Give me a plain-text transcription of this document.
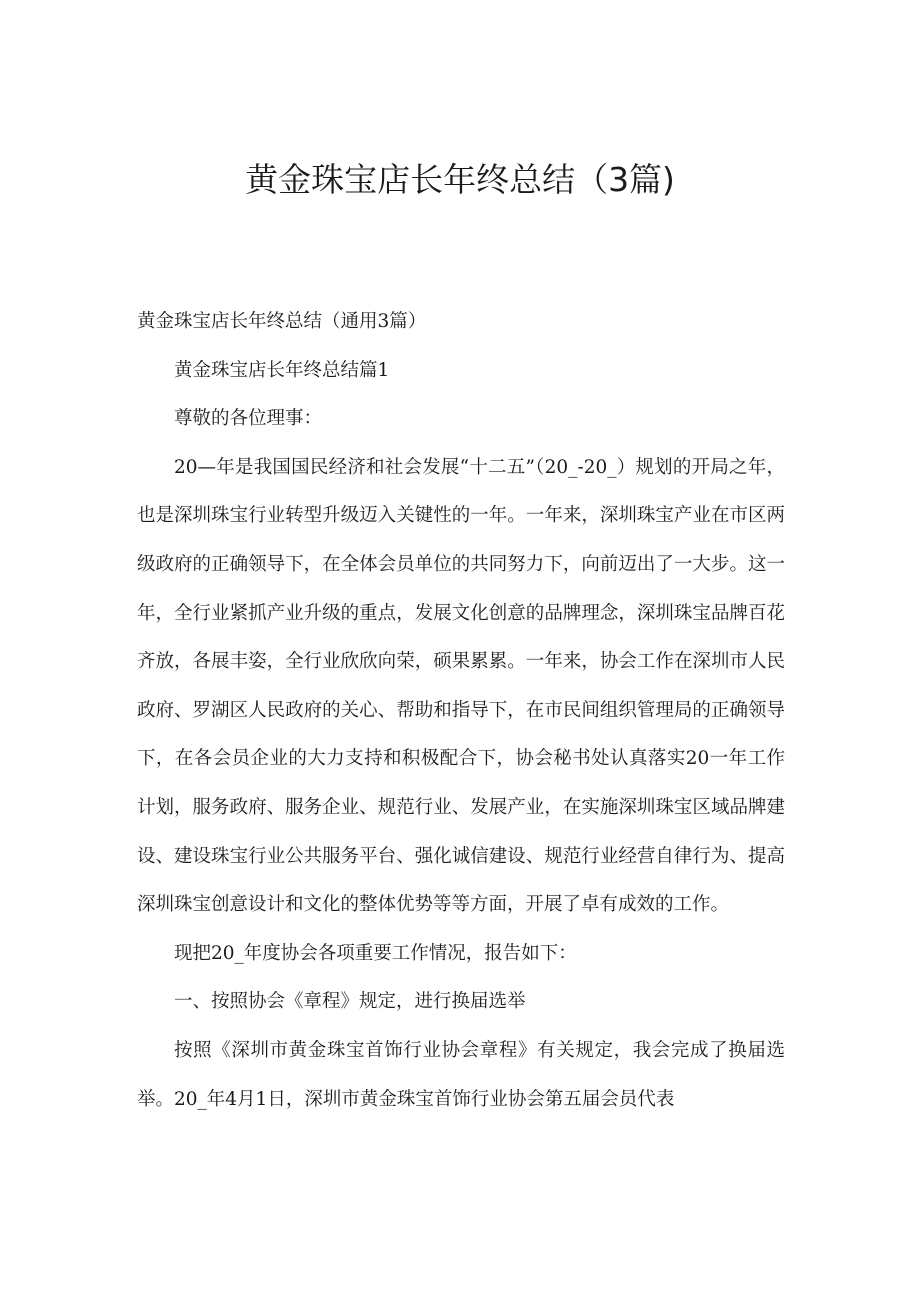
黄金珠宝店长年终总结（3篇)

黄金珠宝店长年终总结（通用3篇）

黄金珠宝店长年终总结篇1

尊敬的各位理事：

20—年是我国国民经济和社会发展“十二五”（20_-20_）规划的开局之年，也是深圳珠宝行业转型升级迈入关键性的一年。一年来，深圳珠宝产业在市区两级政府的正确领导下，在全体会员单位的共同努力下，向前迈出了一大步。这一年，全行业紧抓产业升级的重点，发展文化创意的品牌理念，深圳珠宝品牌百花齐放，各展丰姿，全行业欣欣向荣，硕果累累。一年来，协会工作在深圳市人民政府、罗湖区人民政府的关心、帮助和指导下，在市民间组织管理局的正确领导下，在各会员企业的大力支持和积极配合下，协会秘书处认真落实20一年工作计划，服务政府、服务企业、规范行业、发展产业，在实施深圳珠宝区域品牌建设、建设珠宝行业公共服务平台、强化诚信建设、规范行业经营自律行为、提高深圳珠宝创意设计和文化的整体优势等等方面，开展了卓有成效的工作。

现把20_年度协会各项重要工作情况，报告如下：

一、按照协会《章程》规定，进行换届选举

按照《深圳市黄金珠宝首饰行业协会章程》有关规定，我会完成了换届选举。20_年4月1日，深圳市黄金珠宝首饰行业协会第五届会员代表
